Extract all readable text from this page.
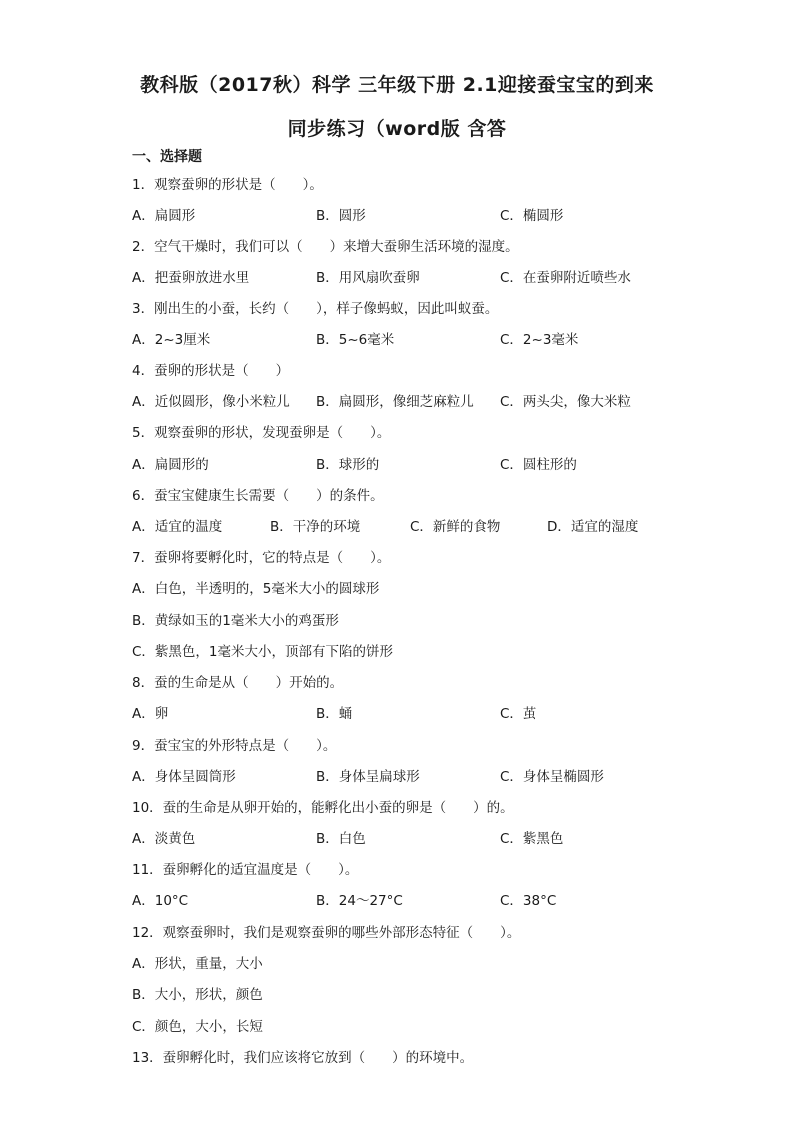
教科版（2017秋）科学 三年级下册 2.1迎接蚕宝宝的到来
同步练习（word版 含答
一、选择题
1．观察蚕卵的形状是（　　）。
A．扁圆形	B．圆形	C．椭圆形
2．空气干燥时，我们可以（　　）来增大蚕卵生活环境的湿度。
A．把蚕卵放进水里	B．用风扇吹蚕卵	C．在蚕卵附近喷些水
3．刚出生的小蚕，长约（　　），样子像蚂蚁，因此叫蚁蚕。
A．2~3厘米	B．5~6毫米	C．2~3毫米
4．蚕卵的形状是（　　）
A．近似圆形，像小米粒儿 B．扁圆形，像细芝麻粒儿 C．两头尖，像大米粒
5．观察蚕卵的形状，发现蚕卵是（　　）。
A．扁圆形的	B．球形的	C．圆柱形的
6．蚕宝宝健康生长需要（　　）的条件。
A．适宜的温度	B．干净的环境	C．新鲜的食物	D．适宜的湿度
7．蚕卵将要孵化时，它的特点是（　　）。
A．白色，半透明的，5毫米大小的圆球形
B．黄绿如玉的1毫米大小的鸡蛋形
C．紫黑色，1毫米大小，顶部有下陷的饼形
8．蚕的生命是从（　　）开始的。
A．卵	B．蛹	C．茧
9．蚕宝宝的外形特点是（　　）。
A．身体呈圆筒形	B．身体呈扁球形	C．身体呈椭圆形
10．蚕的生命是从卵开始的，能孵化出小蚕的卵是（　　）的。
A．淡黄色	B．白色	C．紫黑色
11．蚕卵孵化的适宜温度是（　　）。
A．10°C	B．24～27°C	C．38°C
12．观察蚕卵时，我们是观察蚕卵的哪些外部形态特征（　　）。
A．形状，重量，大小
B．大小，形状，颜色
C．颜色，大小，长短
13．蚕卵孵化时，我们应该将它放到（　　）的环境中。
